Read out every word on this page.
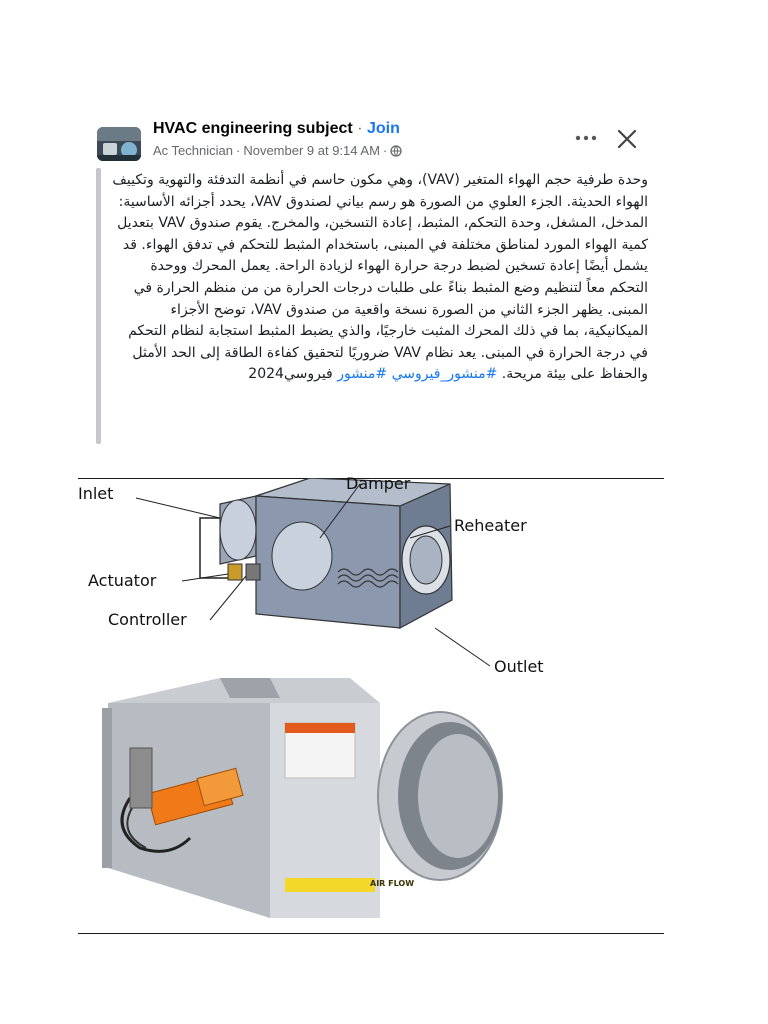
HVAC engineering subject · Join
Ac Technician · November 9 at 9:14 AM ·
وحدة طرفية حجم الهواء المتغير (VAV)، وهي مكون حاسم في أنظمة التدفئة والتهوية وتكييف الهواء الحديثة. الجزء العلوي من الصورة هو رسم بياني لصندوق VAV، يحدد أجزائه الأساسية: المدخل، المشغل، وحدة التحكم، المثبط، إعادة التسخين، والمخرج. يقوم صندوق VAV بتعديل كمية الهواء المورد لمناطق مختلفة في المبنى، باستخدام المثبط للتحكم في تدفق الهواء. قد يشمل أيضًا إعادة تسخين لضبط درجة حرارة الهواء لزيادة الراحة. يعمل المحرك ووحدة التحكم معاً لتنظيم وضع المثبط بناءً على طلبات درجات الحرارة من من منظم الحرارة في المبنى. يظهر الجزء الثاني من الصورة نسخة واقعية من صندوق VAV، توضح الأجزاء الميكانيكية، بما في ذلك المحرك المثبت خارجيًا، والذي يضبط المثبط استجابة لنظام التحكم في درجة الحرارة في المبنى. يعد نظام VAV ضروريًا لتحقيق كفاءة الطاقة إلى الحد الأمثل والحفاظ على بيئة مريحة. #منشور_فيروسي #منشور فيروسي2024
Inlet
Damper
Reheater
Actuator
Controller
Outlet
AIR FLOW
